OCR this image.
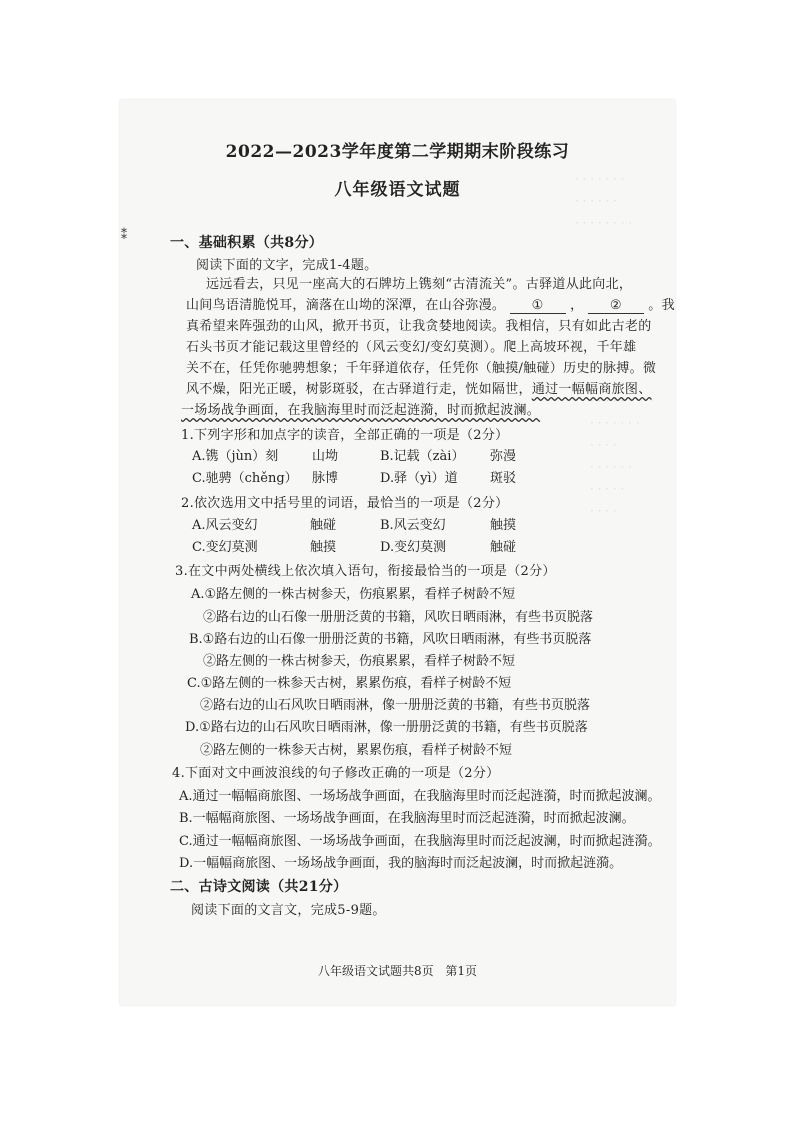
· · · · · · ·
· · · · · ·
· · · · · · · ·
· · · · ·
· · · · · · ·
· · · ·
· · · · · ·
· · · · ·
· · · ·
⁑
2022—2023学年度第二学期期末阶段练习
八年级语文试题
一、基础积累（共8分）
阅读下面的文字，完成1-4题。
远远看去，只见一座高大的石牌坊上镌刻“古清流关”。古驿道从此向北，
山间鸟语清脆悦耳，滴落在山坳的深潭，在山谷弥漫。 ① ， ② 。我
真希望来阵强劲的山风，掀开书页，让我贪婪地阅读。我相信，只有如此古老的
石头书页才能记载这里曾经的（风云变幻/变幻莫测）。爬上高坡环视，千年雄
关不在，任凭你驰骋想象；千年驿道依存，任凭你（触摸/触碰）历史的脉搏。微
风不燥，阳光正暖，树影斑驳，在古驿道行走，恍如隔世，通过一幅幅商旅图、
一场场战争画面，在我脑海里时而泛起涟漪，时而掀起波澜。
1.下列字形和加点字的读音，全部正确的一项是（2分）
A.镌（jùn）刻	山坳	B.记载（zài） 弥漫
C.驰骋（chěng） 脉博	D.驿（yì）道 斑驳
2.依次选用文中括号里的词语，最恰当的一项是（2分）
A.风云变幻	触碰	B.风云变幻	触摸
C.变幻莫测	触摸	D.变幻莫测	触碰
3.在文中两处横线上依次填入语句，衔接最恰当的一项是（2分）
A.①路左侧的一株古树参天，伤痕累累，看样子树龄不短
②路右边的山石像一册册泛黄的书籍，风吹日晒雨淋，有些书页脱落
B.①路右边的山石像一册册泛黄的书籍，风吹日晒雨淋，有些书页脱落
②路左侧的一株古树参天，伤痕累累，看样子树龄不短
C.①路左侧的一株参天古树，累累伤痕，看样子树龄不短
②路右边的山石风吹日晒雨淋，像一册册泛黄的书籍，有些书页脱落
D.①路右边的山石风吹日晒雨淋，像一册册泛黄的书籍，有些书页脱落
②路左侧的一株参天古树，累累伤痕，看样子树龄不短
4.下面对文中画波浪线的句子修改正确的一项是（2分）
A.通过一幅幅商旅图、一场场战争画面，在我脑海里时而泛起涟漪，时而掀起波澜。
B.一幅幅商旅图、一场场战争画面，在我脑海里时而泛起涟漪，时而掀起波澜。
C.通过一幅幅商旅图、一场场战争画面，在我脑海里时而泛起波澜，时而掀起涟漪。
D.一幅幅商旅图、一场场战争画面，我的脑海时而泛起波澜，时而掀起涟漪。
二、古诗文阅读（共21分）
阅读下面的文言文，完成5-9题。
八年级语文试题共8页 第1页
